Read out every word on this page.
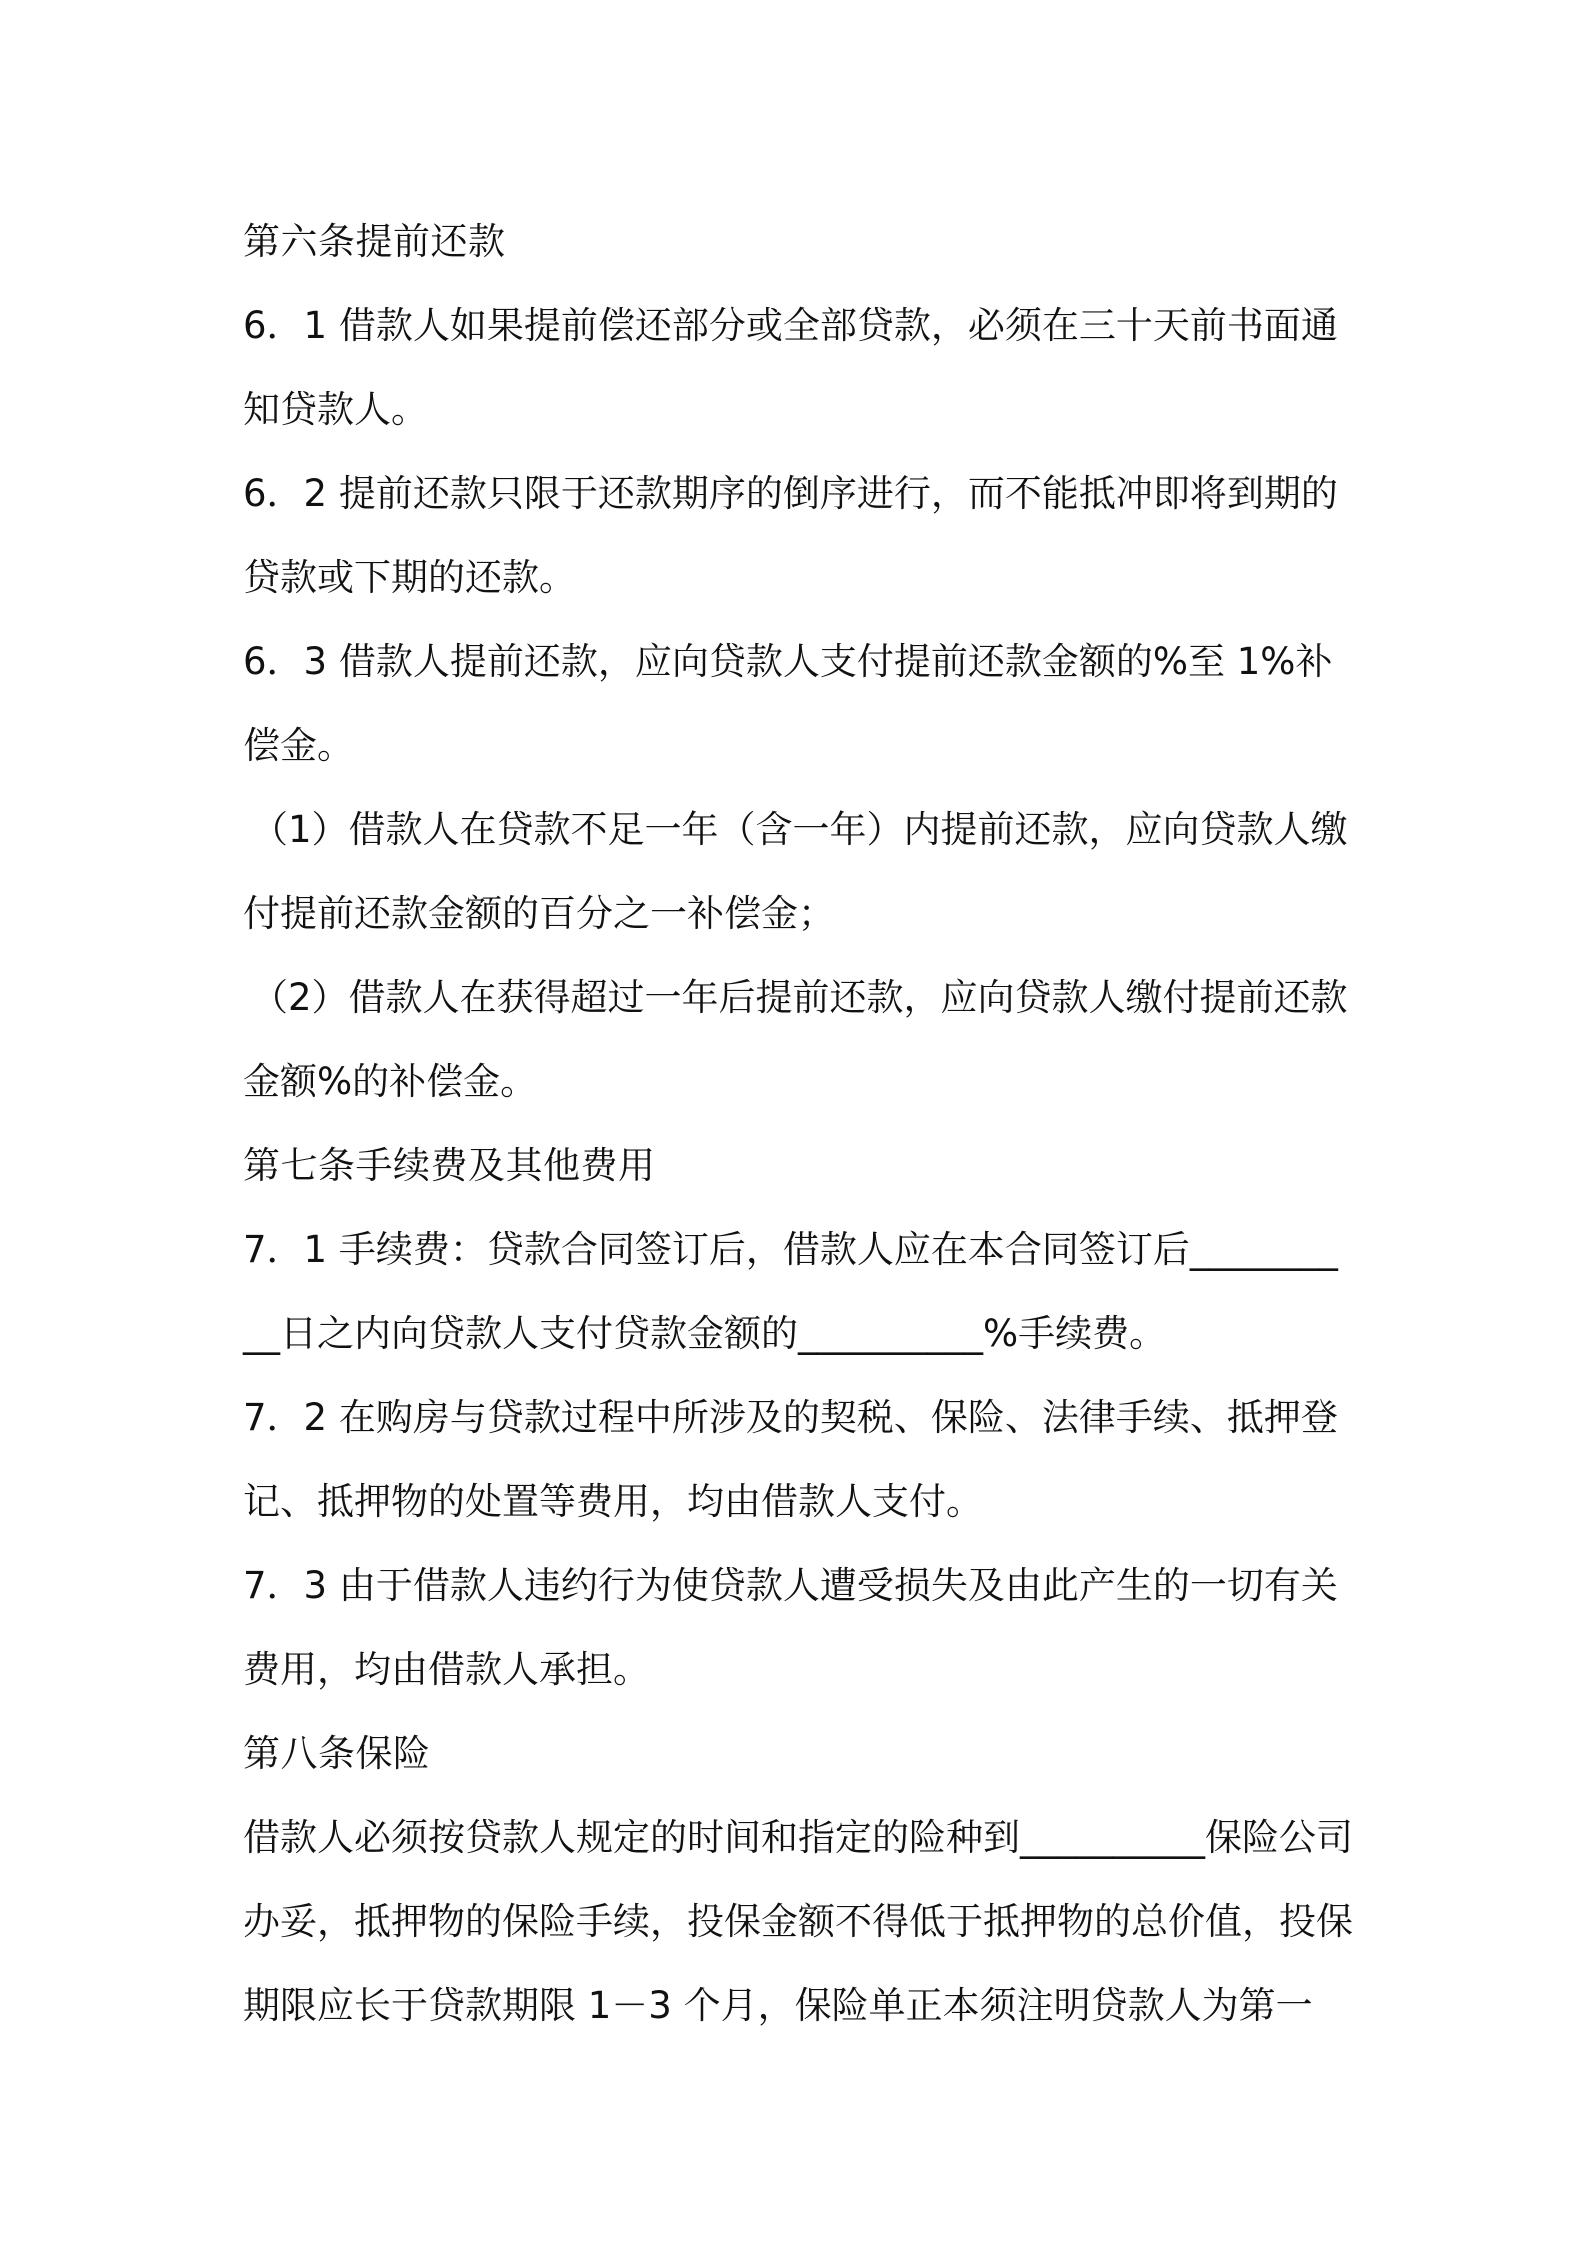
第六条提前还款

6．1 借款人如果提前偿还部分或全部贷款，必须在三十天前书面通知贷款人。

6．2 提前还款只限于还款期序的倒序进行，而不能抵冲即将到期的贷款或下期的还款。

6．3 借款人提前还款，应向贷款人支付提前还款金额的%至 1%补偿金。

（1）借款人在贷款不足一年（含一年）内提前还款，应向贷款人缴付提前还款金额的百分之一补偿金；

（2）借款人在获得超过一年后提前还款，应向贷款人缴付提前还款金额%的补偿金。

第七条手续费及其他费用

7．1 手续费：贷款合同签订后，借款人应在本合同签订后__________日之内向贷款人支付贷款金额的__________%手续费。

7．2 在购房与贷款过程中所涉及的契税、保险、法律手续、抵押登记、抵押物的处置等费用，均由借款人支付。

7．3 由于借款人违约行为使贷款人遭受损失及由此产生的一切有关费用，均由借款人承担。

第八条保险

借款人必须按贷款人规定的时间和指定的险种到__________保险公司办妥，抵押物的保险手续，投保金额不得低于抵押物的总价值，投保期限应长于贷款期限 1－3 个月，保险单正本须注明贷款人为第一
